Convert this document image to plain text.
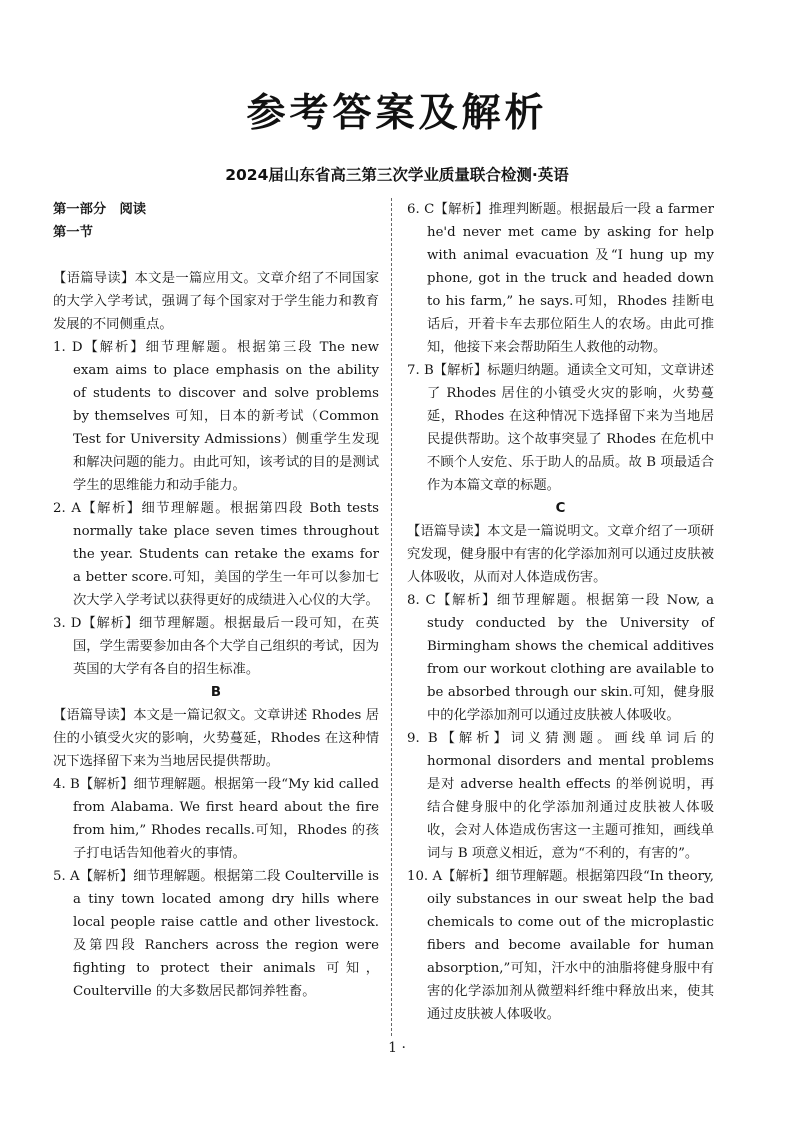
参考答案及解析
2024届山东省高三第三次学业质量联合检测·英语

第一部分　阅读

第一节

【语篇导读】本文是一篇应用文。文章介绍了不同国家的大学入学考试，强调了每个国家对于学生能力和教育发展的不同侧重点。

1. D【解析】细节理解题。根据第三段 The new exam aims to place emphasis on the ability of students to discover and solve problems by themselves 可知，日本的新考试（Common Test for University Admissions）侧重学生发现和解决问题的能力。由此可知，该考试的目的是测试学生的思维能力和动手能力。

2. A【解析】细节理解题。根据第四段 Both tests normally take place seven times throughout the year. Students can retake the exams for a better score.可知，美国的学生一年可以参加七次大学入学考试以获得更好的成绩进入心仪的大学。

3. D【解析】细节理解题。根据最后一段可知，在英国，学生需要参加由各个大学自己组织的考试，因为英国的大学有各自的招生标准。

B

【语篇导读】本文是一篇记叙文。文章讲述 Rhodes 居住的小镇受火灾的影响，火势蔓延，Rhodes 在这种情况下选择留下来为当地居民提供帮助。

4. B【解析】细节理解题。根据第一段“My kid called from Alabama. We first heard about the fire from him,” Rhodes recalls.可知，Rhodes 的孩子打电话告知他着火的事情。

5. A【解析】细节理解题。根据第二段 Coulterville is a tiny town located among dry hills where local people raise cattle and other livestock.及第四段 Ranchers across the region were fighting to protect their animals 可知，Coulterville 的大多数居民都饲养牲畜。

6. C【解析】推理判断题。根据最后一段 a farmer he'd never met came by asking for help with animal evacuation 及“I hung up my phone, got in the truck and headed down to his farm,” he says.可知，Rhodes 挂断电话后，开着卡车去那位陌生人的农场。由此可推知，他接下来会帮助陌生人救他的动物。

7. B【解析】标题归纳题。通读全文可知，文章讲述了 Rhodes 居住的小镇受火灾的影响，火势蔓延，Rhodes 在这种情况下选择留下来为当地居民提供帮助。这个故事突显了 Rhodes 在危机中不顾个人安危、乐于助人的品质。故 B 项最适合作为本篇文章的标题。

C

【语篇导读】本文是一篇说明文。文章介绍了一项研究发现，健身服中有害的化学添加剂可以通过皮肤被人体吸收，从而对人体造成伤害。

8. C【解析】细节理解题。根据第一段 Now, a study conducted by the University of Birmingham shows the chemical additives from our workout clothing are available to be absorbed through our skin.可知，健身服中的化学添加剂可以通过皮肤被人体吸收。

9. B【解析】词义猜测题。画线单词后的 hormonal disorders and mental problems 是对 adverse health effects 的举例说明，再结合健身服中的化学添加剂通过皮肤被人体吸收，会对人体造成伤害这一主题可推知，画线单词与 B 项意义相近，意为“不利的，有害的”。

10. A【解析】细节理解题。根据第四段“In theory, oily substances in our sweat help the bad chemicals to come out of the microplastic fibers and become available for human absorption,”可知，汗水中的油脂将健身服中有害的化学添加剂从微塑料纤维中释放出来，使其通过皮肤被人体吸收。

1 ·
